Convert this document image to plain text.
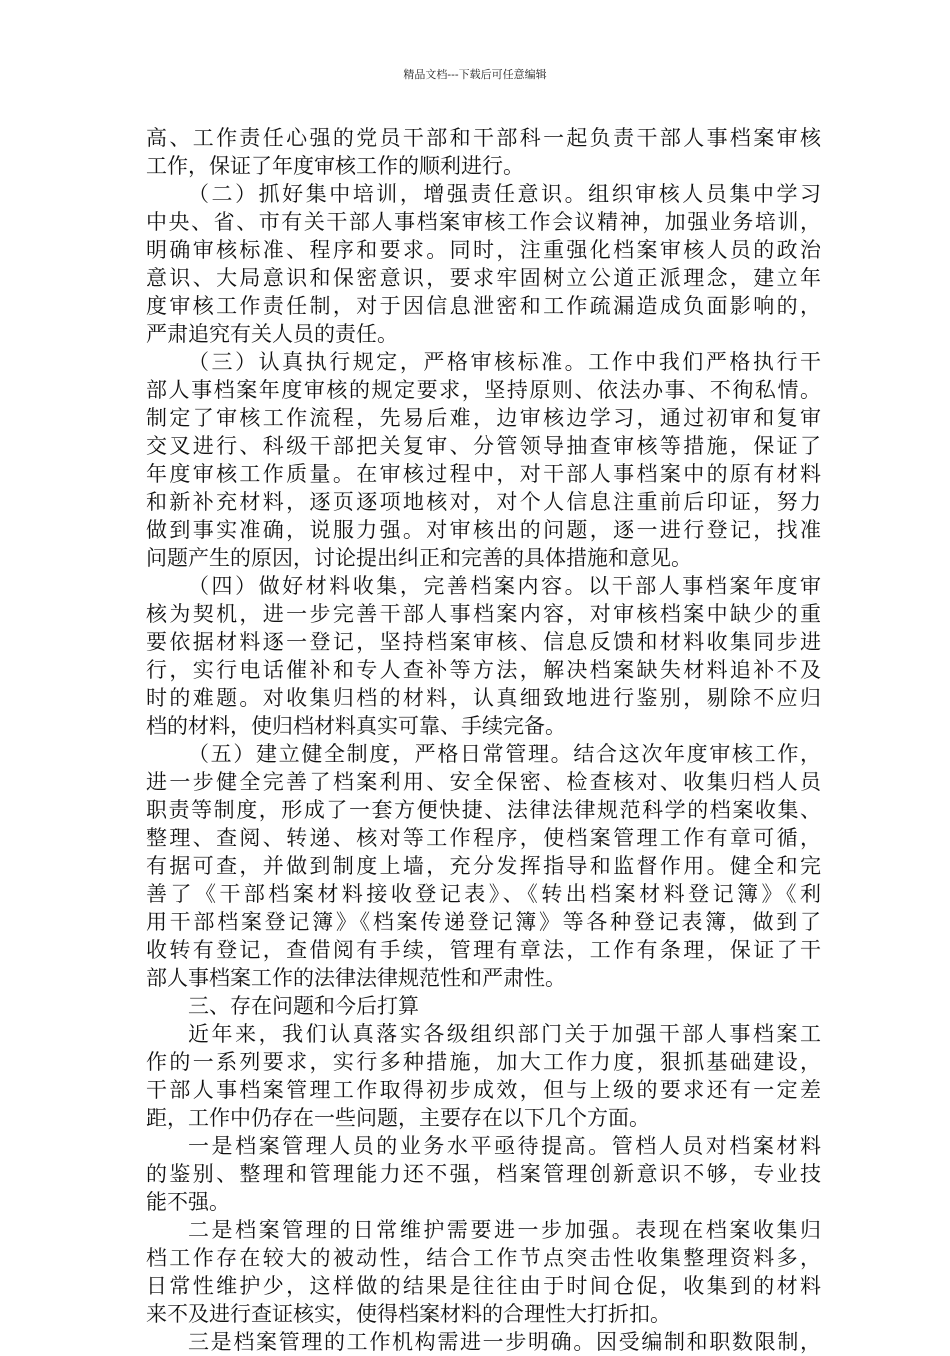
精品文档---下载后可任意编辑
高、工作责任心强的党员干部和干部科一起负责干部人事档案审核
工作，保证了年度审核工作的顺利进行。
（二）抓好集中培训，增强责任意识。组织审核人员集中学习
中央、省、市有关干部人事档案审核工作会议精神，加强业务培训，
明确审核标准、程序和要求。同时，注重强化档案审核人员的政治
意识、大局意识和保密意识，要求牢固树立公道正派理念，建立年
度审核工作责任制，对于因信息泄密和工作疏漏造成负面影响的，
严肃追究有关人员的责任。
（三）认真执行规定，严格审核标准。工作中我们严格执行干
部人事档案年度审核的规定要求，坚持原则、依法办事、不徇私情。
制定了审核工作流程，先易后难，边审核边学习，通过初审和复审
交叉进行、科级干部把关复审、分管领导抽查审核等措施，保证了
年度审核工作质量。在审核过程中，对干部人事档案中的原有材料
和新补充材料，逐页逐项地核对，对个人信息注重前后印证，努力
做到事实准确，说服力强。对审核出的问题，逐一进行登记，找准
问题产生的原因，讨论提出纠正和完善的具体措施和意见。
（四）做好材料收集，完善档案内容。以干部人事档案年度审
核为契机，进一步完善干部人事档案内容，对审核档案中缺少的重
要依据材料逐一登记，坚持档案审核、信息反馈和材料收集同步进
行，实行电话催补和专人查补等方法，解决档案缺失材料追补不及
时的难题。对收集归档的材料，认真细致地进行鉴别，剔除不应归
档的材料，使归档材料真实可靠、手续完备。
（五）建立健全制度，严格日常管理。结合这次年度审核工作，
进一步健全完善了档案利用、安全保密、检查核对、收集归档人员
职责等制度，形成了一套方便快捷、法律法律规范科学的档案收集、
整理、查阅、转递、核对等工作程序，使档案管理工作有章可循，
有据可查，并做到制度上墙，充分发挥指导和监督作用。健全和完
善了《干部档案材料接收登记表》、《转出档案材料登记簿》《利
用干部档案登记簿》《档案传递登记簿》等各种登记表簿，做到了
收转有登记，查借阅有手续，管理有章法，工作有条理，保证了干
部人事档案工作的法律法律规范性和严肃性。
三、存在问题和今后打算
近年来，我们认真落实各级组织部门关于加强干部人事档案工
作的一系列要求，实行多种措施，加大工作力度，狠抓基础建设，
干部人事档案管理工作取得初步成效，但与上级的要求还有一定差
距，工作中仍存在一些问题，主要存在以下几个方面。
一是档案管理人员的业务水平亟待提高。管档人员对档案材料
的鉴别、整理和管理能力还不强，档案管理创新意识不够，专业技
能不强。
二是档案管理的日常维护需要进一步加强。表现在档案收集归
档工作存在较大的被动性，结合工作节点突击性收集整理资料多，
日常性维护少，这样做的结果是往往由于时间仓促，收集到的材料
来不及进行查证核实，使得档案材料的合理性大打折扣。
三是档案管理的工作机构需进一步明确。因受编制和职数限制，
